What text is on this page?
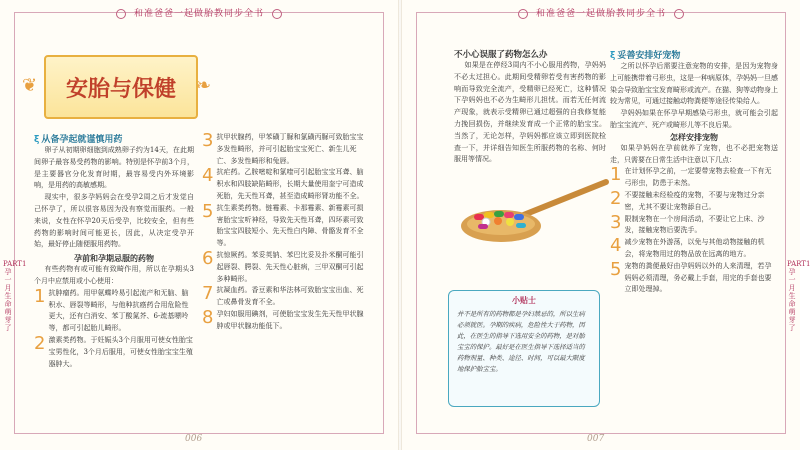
和准爸爸一起做胎教同步全书
PART1 孕一月 生命萌芽了
❦	安胎与保健 ❧
ξ 从备孕起就谨慎用药

卵子从初期卵细胞到成熟卵子约为14天，在此期间卵子最容易受药物的影响。特别是怀孕前3个月，是主要器官分化发育时期，最容易受内外环境影响，是用药的高敏感期。

现实中，很多孕妈妈会在受孕2周之后才发觉自己怀孕了，所以很容易因为没有察觉而服药。一般来说，女性在怀孕20天后受孕，比较安全，但有些药物的影响时间可能更长，因此，从决定受孕开始，最好停止随便服用药物。

孕前和孕期忌服的药物

有些药物有或可能有致畸作用，所以在孕期头3个月中应禁用或小心使用：

1 抗肿瘤药。用甲氨蝶呤易引起流产和无脑、脑积水、唇裂等畸形，与他种抗癌药合用危险性更大，还有白消安、苯丁酸氮芥、6-巯基嘌呤等，都可引起胎儿畸形。
2 激素类药物。于妊娠头3个月服用可使女性胎宝宝男性化，3个月后服用，可使女性胎宝宝生殖器肿大。
3 抗甲状腺药，甲苯磺丁脲和氯磺丙脲可致胎宝宝多发性畸形，并可引起胎宝宝死亡、新生儿死亡、多发性畸形和兔唇。
4 抗疟药。乙胺嘧啶和氯喹可引起胎宝宝耳聋、脑积水和四肢缺陷畸形，长期大量使用奎宁可造成死胎，先天性耳聋，甚至造成畸形肾功能不全。
5 抗生素类药物。链霉素、卡那霉素、新霉素可损害胎宝宝听神经，导致先天性耳聋，四环素可致胎宝宝四肢短小、先天性白内障、骨骼发育不全等。
6 抗惊厥药。苯妥英钠、苯巴比妥及扑米酮可能引起唇裂、腭裂、先天性心脏病，三甲双酮可引起多种畸形。
7 抗凝血药。香豆素和华法林可致胎宝宝出血、死亡或鼻骨发育不全。
8 孕妇如服用碘剂，可使胎宝宝发生先天性甲状腺肿或甲状腺功能低下。
006
和准爸爸一起做胎教同步全书
PART1 孕一月 生命萌芽了
不小心误服了药物怎么办

如果是在停经3周内不小心服用药物，孕妈妈不必太过担心。此期间受精卵若受有害药物的影响而导致完全流产，受精卵已经死亡，这种情况下孕妈妈也不必为生畸形儿担忧。而若无任何流产现象，就表示受精卵已通过超强的自我修复能力挽回损伤，并继续发育成一个正常的胎宝宝。当然了，无论怎样，孕妈妈都应该立即到医院检查一下，并详细告知医生所服药物的名称、何时服用等情况。

007
ξ 妥善安排好宠物

之所以怀孕后需要注意宠物的安排，是因为宠物身上可能携带着弓形虫，这是一种病原体，孕妈妈一旦感染会导致胎宝宝发育畸形或流产。在猫、狗等动物身上较为常见，可通过接触动物粪便等途径传染给人。

孕妈妈如果在怀孕早期感染弓形虫，就可能会引起胎宝宝流产、死产或畸形儿等不良后果。

怎样安排宠物

如果孕妈妈在孕前就养了宠物，也不必把宠物送走，只需要在日常生活中注意以下几点：

1 在计划怀孕之前，一定要带宠物去检查一下有无弓形虫，防患于未然。
2 不要接触未经检疫的宠物，不要与宠物过分亲密，尤其不要让宠物舔自己。
3 限制宠物在一个房间活动，不要让它上床、沙发，接触宠物后要洗手。
4 减少宠物在外游荡，以免与其他动物接触的机会，将宠物用过的物品放在远离的地方。
5 宠物的粪便最好由孕妈妈以外的人来清理，若孕妈妈必须清理，务必戴上手套，用完的手套也要立即处理掉。
小贴士
并不是所有的药物都是孕妇禁忌的，所以生病必须就医。孕期的疾病，危险性大于药物，因此，在医生的指导下选用安全的药物，是对胎宝宝的保护。最好是在医生指导下选择适当的药物剂量、种类、途径、时间，可以最大限度地保护胎宝宝。
